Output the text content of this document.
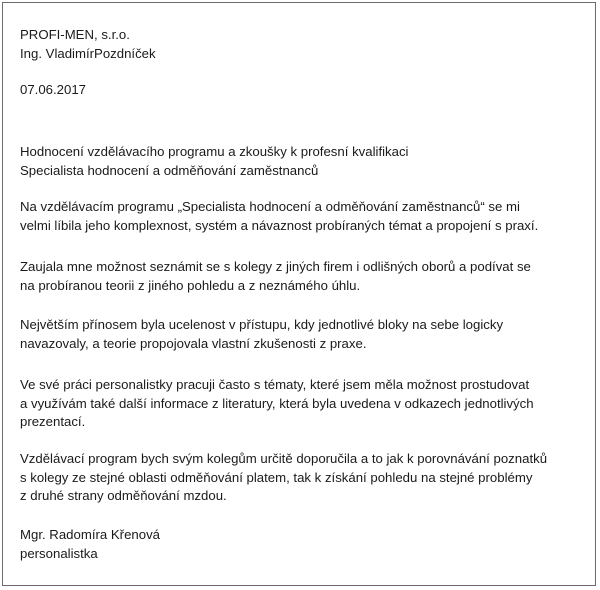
PROFI-MEN, s.r.o.
Ing. VladimírPozdníček
07.06.2017
Hodnocení vzdělávacího programu a zkoušky k profesní kvalifikaci
Specialista hodnocení a odměňování zaměstnanců
Na vzdělávacím programu „Specialista hodnocení a odměňování zaměstnanců“ se mi
velmi líbila jeho komplexnost, systém a návaznost probíraných témat a propojení s praxí.
Zaujala mne možnost seznámit se s kolegy z jiných firem i odlišných oborů a podívat se
na probíranou teorii z jiného pohledu a z neznámého úhlu.
Největším přínosem byla ucelenost v přístupu, kdy jednotlivé bloky na sebe logicky
navazovaly, a teorie propojovala vlastní zkušenosti z praxe.
Ve své práci personalistky pracuji často s tématy, které jsem měla možnost prostudovat
a využívám také další informace z literatury, která byla uvedena v odkazech jednotlivých
prezentací.
Vzdělávací program bych svým kolegům určitě doporučila a to jak k porovnávání poznatků
s kolegy ze stejné oblasti odměňování platem, tak k získání pohledu na stejné problémy
z druhé strany odměňování mzdou.
Mgr. Radomíra Křenová
personalistka
